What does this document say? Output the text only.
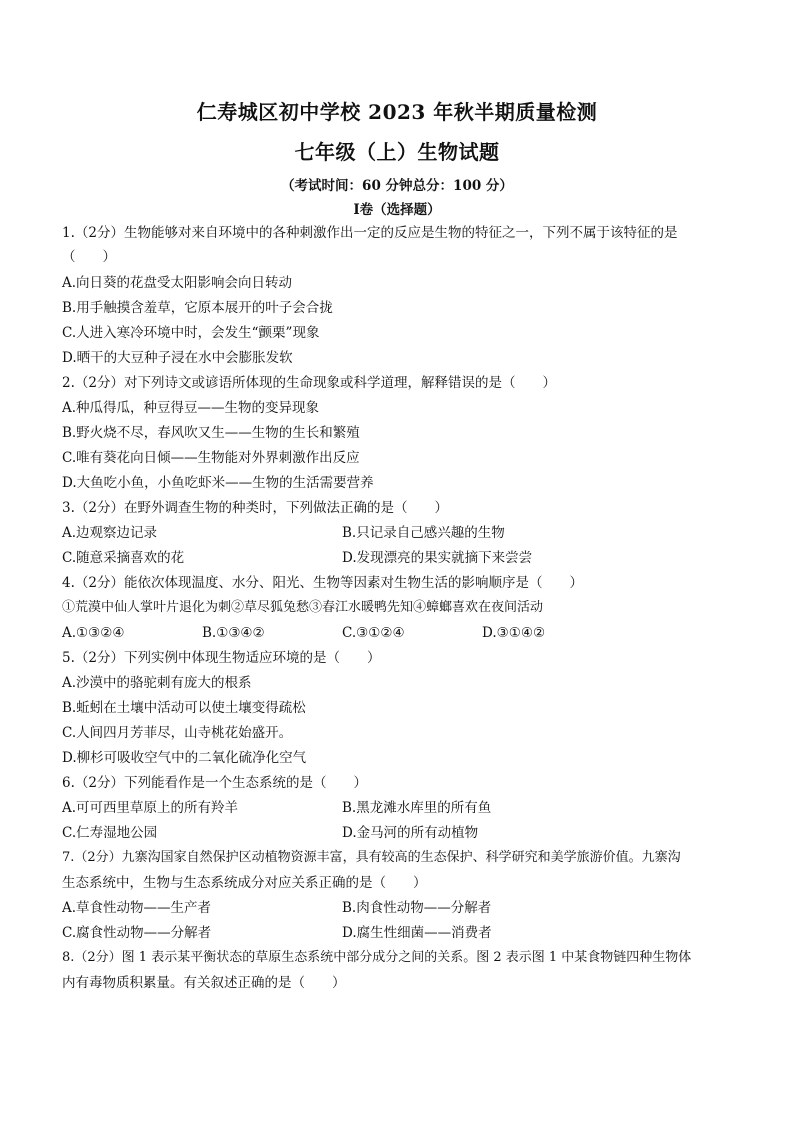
仁寿城区初中学校 2023 年秋半期质量检测
七年级（上）生物试题
（考试时间：60 分钟总分：100 分）
Ⅰ卷（选择题）
1.（2分）生物能够对来自环境中的各种刺激作出一定的反应是生物的特征之一，下列不属于该特征的是
（　　）
A.向日葵的花盘受太阳影响会向日转动
B.用手触摸含羞草，它原本展开的叶子会合拢
C.人进入寒冷环境中时，会发生“颤栗”现象
D.晒干的大豆种子浸在水中会膨胀发软
2.（2分）对下列诗文或谚语所体现的生命现象或科学道理，解释错误的是（　　）
A.种瓜得瓜，种豆得豆——生物的变异现象
B.野火烧不尽，春风吹又生——生物的生长和繁殖
C.唯有葵花向日倾——生物能对外界刺激作出反应
D.大鱼吃小鱼，小鱼吃虾米——生物的生活需要营养
3.（2分）在野外调查生物的种类时，下列做法正确的是（　　）
A.边观察边记录	B.只记录自己感兴趣的生物
C.随意采摘喜欢的花	D.发现漂亮的果实就摘下来尝尝
4.（2分）能依次体现温度、水分、阳光、生物等因素对生物生活的影响顺序是（　　）
①荒漠中仙人掌叶片退化为刺②草尽狐兔愁③春江水暖鸭先知④蟑螂喜欢在夜间活动
A.①③②④	B.①③④②	C.③①②④	D.③①④②
5.（2分）下列实例中体现生物适应环境的是（　　）
A.沙漠中的骆驼刺有庞大的根系
B.蚯蚓在土壤中活动可以使土壤变得疏松
C.人间四月芳菲尽，山寺桃花始盛开。
D.柳杉可吸收空气中的二氧化硫净化空气
6.（2分）下列能看作是一个生态系统的是（　　）
A.可可西里草原上的所有羚羊	B.黑龙滩水库里的所有鱼
C.仁寿湿地公园	D.金马河的所有动植物
7.（2分）九寨沟国家自然保护区动植物资源丰富，具有较高的生态保护、科学研究和美学旅游价值。九寨沟
生态系统中，生物与生态系统成分对应关系正确的是（　　）
A.草食性动物——生产者	B.肉食性动物——分解者
C.腐食性动物——分解者	D.腐生性细菌——消费者
8.（2分）图 1 表示某平衡状态的草原生态系统中部分成分之间的关系。图 2 表示图 1 中某食物链四种生物体
内有毒物质积累量。有关叙述正确的是（　　）
